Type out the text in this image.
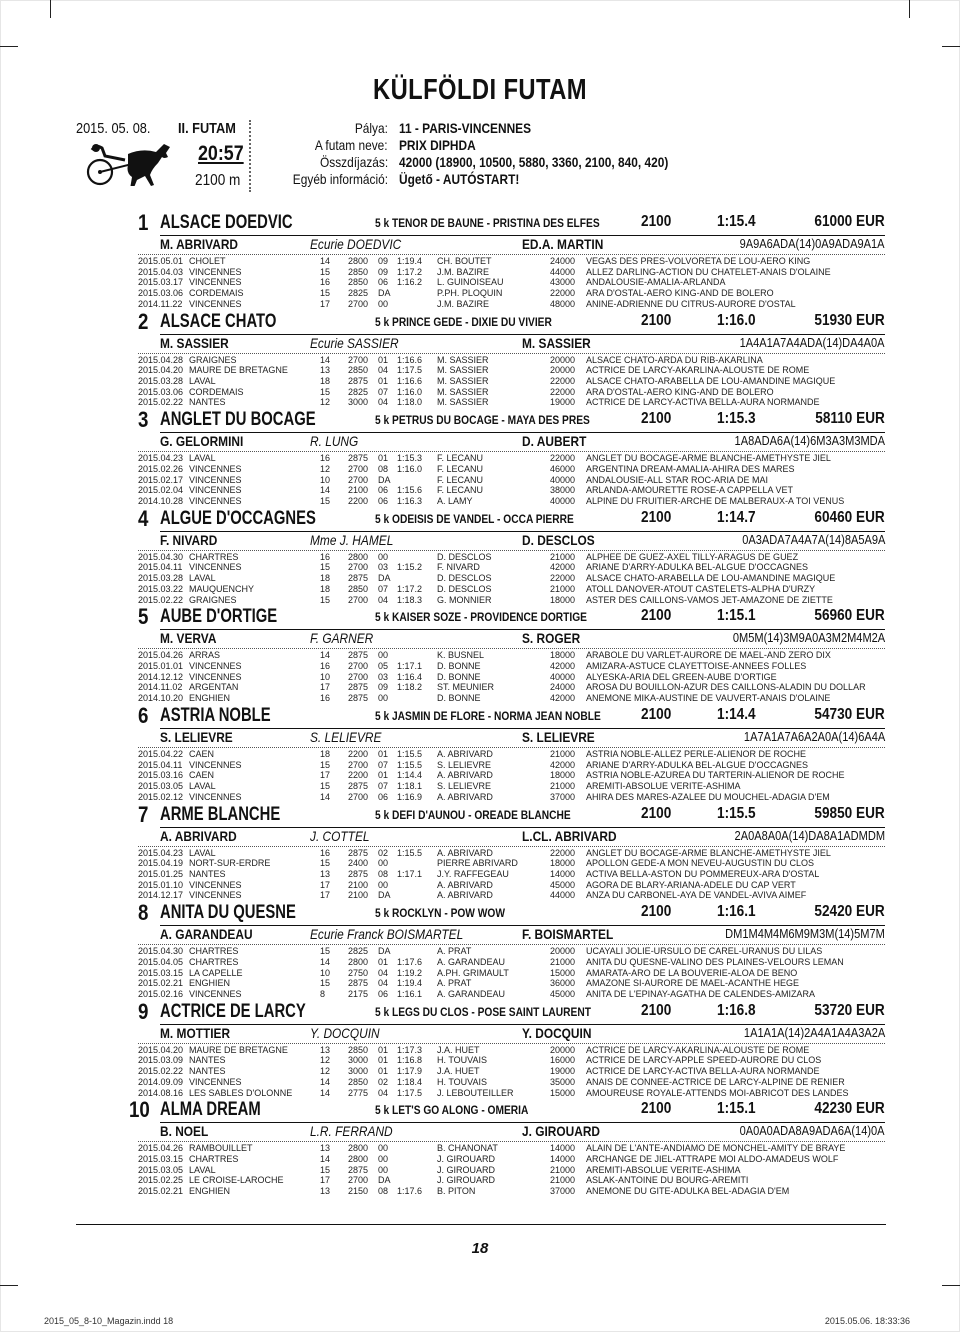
KÜLFÖLDI FUTAM
2015. 05. 08. II. FUTAM
20:57
2100 m
Pálya: 11 - PARIS-VINCENNES
A futam neve: PRIX DIPHDA
Összdíjazás: 42000 (18900, 10500, 5880, 3360, 2100, 840, 420)
Egyéb információ: Ügető - AUTÓSTART!
1 ALSACE DOEDVIC	5 k TENOR DE BAUNE - PRISTINA DES ELFES	2100	1:15.4	61000 EUR
M. ABRIVARD	Ecurie DOEDVIC	ED.A. MARTIN	9A9A6ADA(14)0A9ADA9A1A
2015.05.01 CHOLET	14 2800 09 1:19.4 CH. BOUTET	24000 VEGAS DES PRES-VOLVORETA DE LOU-AERO KING
2015.04.03 VINCENNES	15 2850 09 1:17.2 J.M. BAZIRE	44000 ALLEZ DARLING-ACTION DU CHATELET-ANAIS D'OLAINE
2015.03.17 VINCENNES	16 2850 06 1:16.2 L. GUINOISEAU	43000 ANDALOUSIE-AMALIA-ARLANDA
2015.03.06 CORDEMAIS	15 2825 DA	P.PH. PLOQUIN	22000 ARA D'OSTAL-AERO KING-AND DE BOLERO
2014.11.22 VINCENNES	17 2700 00	J.M. BAZIRE	48000 ANINE-ADRIENNE DU CITRUS-AURORE D'OSTAL
2 ALSACE CHATO	5 k PRINCE GEDE - DIXIE DU VIVIER	2100	1:16.0	51930 EUR
M. SASSIER	Ecurie SASSIER	M. SASSIER	1A4A1A7A4ADA(14)DA4A0A
2015.04.28 GRAIGNES	14 2700 01 1:16.6 M. SASSIER	20000 ALSACE CHATO-ARDA DU RIB-AKARLINA
2015.04.20 MAURE DE BRETAGNE	13 2850 04 1:17.5 M. SASSIER	20000 ACTRICE DE LARCY-AKARLINA-ALOUSTE DE ROME
2015.03.28 LAVAL	18 2875 01 1:16.6 M. SASSIER	22000 ALSACE CHATO-ARABELLA DE LOU-AMANDINE MAGIQUE
2015.03.06 CORDEMAIS	15 2825 07 1:16.0 M. SASSIER	22000 ARA D'OSTAL-AERO KING-AND DE BOLERO
2015.02.22 NANTES	12 3000 04 1:18.0 M. SASSIER	19000 ACTRICE DE LARCY-ACTIVA BELLA-AURA NORMANDE
3 ANGLET DU BOCAGE	5 k PETRUS DU BOCAGE - MAYA DES PRES	2100	1:15.3	58110 EUR
G. GELORMINI	R. LUNG	D. AUBERT	1A8ADA6A(14)6M3A3M3MDA
2015.04.23 LAVAL	16 2875 01 1:15.3 F. LECANU	22000 ANGLET DU BOCAGE-ARME BLANCHE-AMETHYSTE JIEL
2015.02.26 VINCENNES	12 2700 08 1:16.0 F. LECANU	46000 ARGENTINA DREAM-AMALIA-AHIRA DES MARES
2015.02.17 VINCENNES	10 2700 DA	F. LECANU	40000 ANDALOUSIE-ALL STAR ROC-ARIA DE MAI
2015.02.04 VINCENNES	14 2100 06 1:15.6 F. LECANU	38000 ARLANDA-AMOURETTE ROSE-A CAPPELLA VET
2014.10.28 VINCENNES	15 2200 06 1:16.3 A. LAMY	40000 ALPINE DU FRUITIER-ARCHE DE MALBERAUX-A TOI VENUS
4 ALGUE D'OCCAGNES	5 k ODEISIS DE VANDEL - OCCA PIERRE	2100	1:14.7	60460 EUR
F. NIVARD	Mme J. HAMEL	D. DESCLOS	0A3ADA7A4A7A(14)8A5A9A
2015.04.30 CHARTRES	16 2800 00	D. DESCLOS	21000 ALPHEE DE GUEZ-AXEL TILLY-ARAGUS DE GUEZ
2015.04.11 VINCENNES	15 2700 03 1:15.2 F. NIVARD	42000 ARIANE D'ARRY-ADULKA BEL-ALGUE D'OCCAGNES
2015.03.28 LAVAL	18 2875 DA	D. DESCLOS	22000 ALSACE CHATO-ARABELLA DE LOU-AMANDINE MAGIQUE
2015.03.22 MAUQUENCHY	18 2850 07 1:17.2 D. DESCLOS	21000 ATOLL DANOVER-ATOUT CASTELETS-ALPHA D'URZY
2015.02.22 GRAIGNES	15 2700 04 1:18.3 G. MONNIER	18000 ASTER DES CAILLONS-VAMOS JET-AMAZONE DE ZIETTE
5 AUBE D'ORTIGE	5 k KAISER SOZE - PROVIDENCE DORTIGE	2100	1:15.1	56960 EUR
M. VERVA	F. GARNER	S. ROGER	0M5M(14)3M9A0A3M2M4M2A
2015.04.26 ARRAS	14 2875 00	K. BUSNEL	18000 ARABOLE DU VARLET-AURORE DE MAEL-AND ZERO DIX
2015.01.01 VINCENNES	16 2700 05 1:17.1 D. BONNE	42000 AMIZARA-ASTUCE CLAYETTOISE-ANNEES FOLLES
2014.12.12 VINCENNES	10 2700 03 1:16.4 D. BONNE	40000 ALYESKA-ARIA DEL GREEN-AUBE D'ORTIGE
2014.11.02 ARGENTAN	17 2875 09 1:18.2 ST. MEUNIER	24000 AROSA DU BOUILLON-AZUR DES CAILLONS-ALADIN DU DOLLAR
2014.10.20 ENGHIEN	16 2875 00	D. BONNE	42000 ANEMONE MIKA-AUSTINE DE VAUVERT-ANAIS D'OLAINE
6 ASTRIA NOBLE	5 k JASMIN DE FLORE - NORMA JEAN NOBLE	2100	1:14.4	54730 EUR
S. LELIEVRE	S. LELIEVRE	S. LELIEVRE	1A7A1A7A6A2A0A(14)6A4A
2015.04.22 CAEN	18 2200 01 1:15.5 A. ABRIVARD	21000 ASTRIA NOBLE-ALLEZ PERLE-ALIENOR DE ROCHE
2015.04.11 VINCENNES	15 2700 07 1:15.5 S. LELIEVRE	42000 ARIANE D'ARRY-ADULKA BEL-ALGUE D'OCCAGNES
2015.03.16 CAEN	17 2200 01 1:14.4 A. ABRIVARD	18000 ASTRIA NOBLE-AZUREA DU TARTERIN-ALIENOR DE ROCHE
2015.03.05 LAVAL	15 2875 07 1:18.1 S. LELIEVRE	21000 AREMITI-ABSOLUE VERITE-ASHIMA
2015.02.12 VINCENNES	14 2700 06 1:16.9 A. ABRIVARD	37000 AHIRA DES MARES-AZALEE DU MOUCHEL-ADAGIA D'EM
7 ARME BLANCHE	5 k DEFI D'AUNOU - OREADE BLANCHE	2100	1:15.5	59850 EUR
A. ABRIVARD	J. COTTEL	L.CL. ABRIVARD	2A0A8A0A(14)DA8A1ADMDM
2015.04.23 LAVAL	16 2875 02 1:15.5 A. ABRIVARD	22000 ANGLET DU BOCAGE-ARME BLANCHE-AMETHYSTE JIEL
2015.04.19 NORT-SUR-ERDRE	15 2400 00	PIERRE ABRIVARD	18000 APOLLON GEDE-A MON NEVEU-AUGUSTIN DU CLOS
2015.01.25 NANTES	13 2875 08 1:17.1 J.Y. RAFFEGEAU	14000 ACTIVA BELLA-ASTON DU POMMEREUX-ARA D'OSTAL
2015.01.10 VINCENNES	17 2100 00	A. ABRIVARD	45000 AGORA DE BLARY-ARIANA-ADELE DU CAP VERT
2014.12.17 VINCENNES	17 2100 DA	A. ABRIVARD	44000 ANZA DU CARBONEL-AYA DE VANDEL-AVIVA AIMEF
8 ANITA DU QUESNE	5 k ROCKLYN - POW WOW	2100	1:16.1	52420 EUR
A. GARANDEAU	Ecurie Franck BOISMARTEL	F. BOISMARTEL	DM1M4M4M6M9M3M(14)5M7M
2015.04.30 CHARTRES	15 2825 DA	A. PRAT	20000 UCAYALI JOLIE-URSULO DE CAREL-URANUS DU LILAS
2015.04.05 CHARTRES	14 2800 01 1:17.6 A. GARANDEAU	21000 ANITA DU QUESNE-VALINO DES PLAINES-VELOURS LEMAN
2015.03.15 LA CAPELLE	10 2750 04 1:19.2 A.PH. GRIMAULT	15000 AMARATA-ARO DE LA BOUVERIE-ALOA DE BENO
2015.02.21 ENGHIEN	15 2875 04 1:19.4 A. PRAT	36000 AMAZONE SI-AURORE DE MAEL-ACANTHE HEGE
2015.02.16 VINCENNES	8	2175 06 1:16.1 A. GARANDEAU	45000 ANITA DE L'EPINAY-AGATHA DE CALENDES-AMIZARA
9 ACTRICE DE LARCY	5 k LEGS DU CLOS - POSE SAINT LAURENT	2100	1:16.8	53720 EUR
M. MOTTIER	Y. DOCQUIN	Y. DOCQUIN	1A1A1A(14)2A4A1A4A3A2A
2015.04.20 MAURE DE BRETAGNE	13 2850 01 1:17.3 J.A. HUET	20000 ACTRICE DE LARCY-AKARLINA-ALOUSTE DE ROME
2015.03.09 NANTES	12 3000 01 1:16.8 H. TOUVAIS	16000 ACTRICE DE LARCY-APPLE SPEED-AURORE DU CLOS
2015.02.22 NANTES	12 3000 01 1:17.9 J.A. HUET	19000 ACTRICE DE LARCY-ACTIVA BELLA-AURA NORMANDE
2014.09.09 VINCENNES	14 2850 02 1:18.4 H. TOUVAIS	35000 ANAIS DE CONNEE-ACTRICE DE LARCY-ALPINE DE RENIER
2014.08.16 LES SABLES D'OLONNE	14 2775 04 1:17.5 J. LEBOUTEILLER	15000 AMOUREUSE ROYALE-ATTENDS MOI-ABRICOT DES LANDES
10 ALMA DREAM	5 k LET'S GO ALONG - OMERIA	2100	1:15.1	42230 EUR
B. NOEL	L.R. FERRAND	J. GIROUARD	0A0A0ADA8A9ADA6A(14)0A
2015.04.26 RAMBOUILLET	13 2800 00	B. CHANONAT	14000 ALAIN DE L'ANTE-ANDIAMO DE MONCHEL-AMITY DE BRAYE
2015.03.15 CHARTRES	14 2800 00	J. GIROUARD	14000 ARCHANGE DE JIEL-ATTRAPE MOI ALDO-AMADEUS WOLF
2015.03.05 LAVAL	15 2875 00	J. GIROUARD	21000 AREMITI-ABSOLUE VERITE-ASHIMA
2015.02.25 LE CROISE-LAROCHE	17 2700 DA	J. GIROUARD	21000 ASLAK-ANTOINE DU BOURG-AREMITI
2015.02.21 ENGHIEN	13 2150 08 1:17.6 B. PITON	37000 ANEMONE DU GITE-ADULKA BEL-ADAGIA D'EM
18
2015_05_8-10_Magazin.indd 18	2015.05.06. 18:33:36
